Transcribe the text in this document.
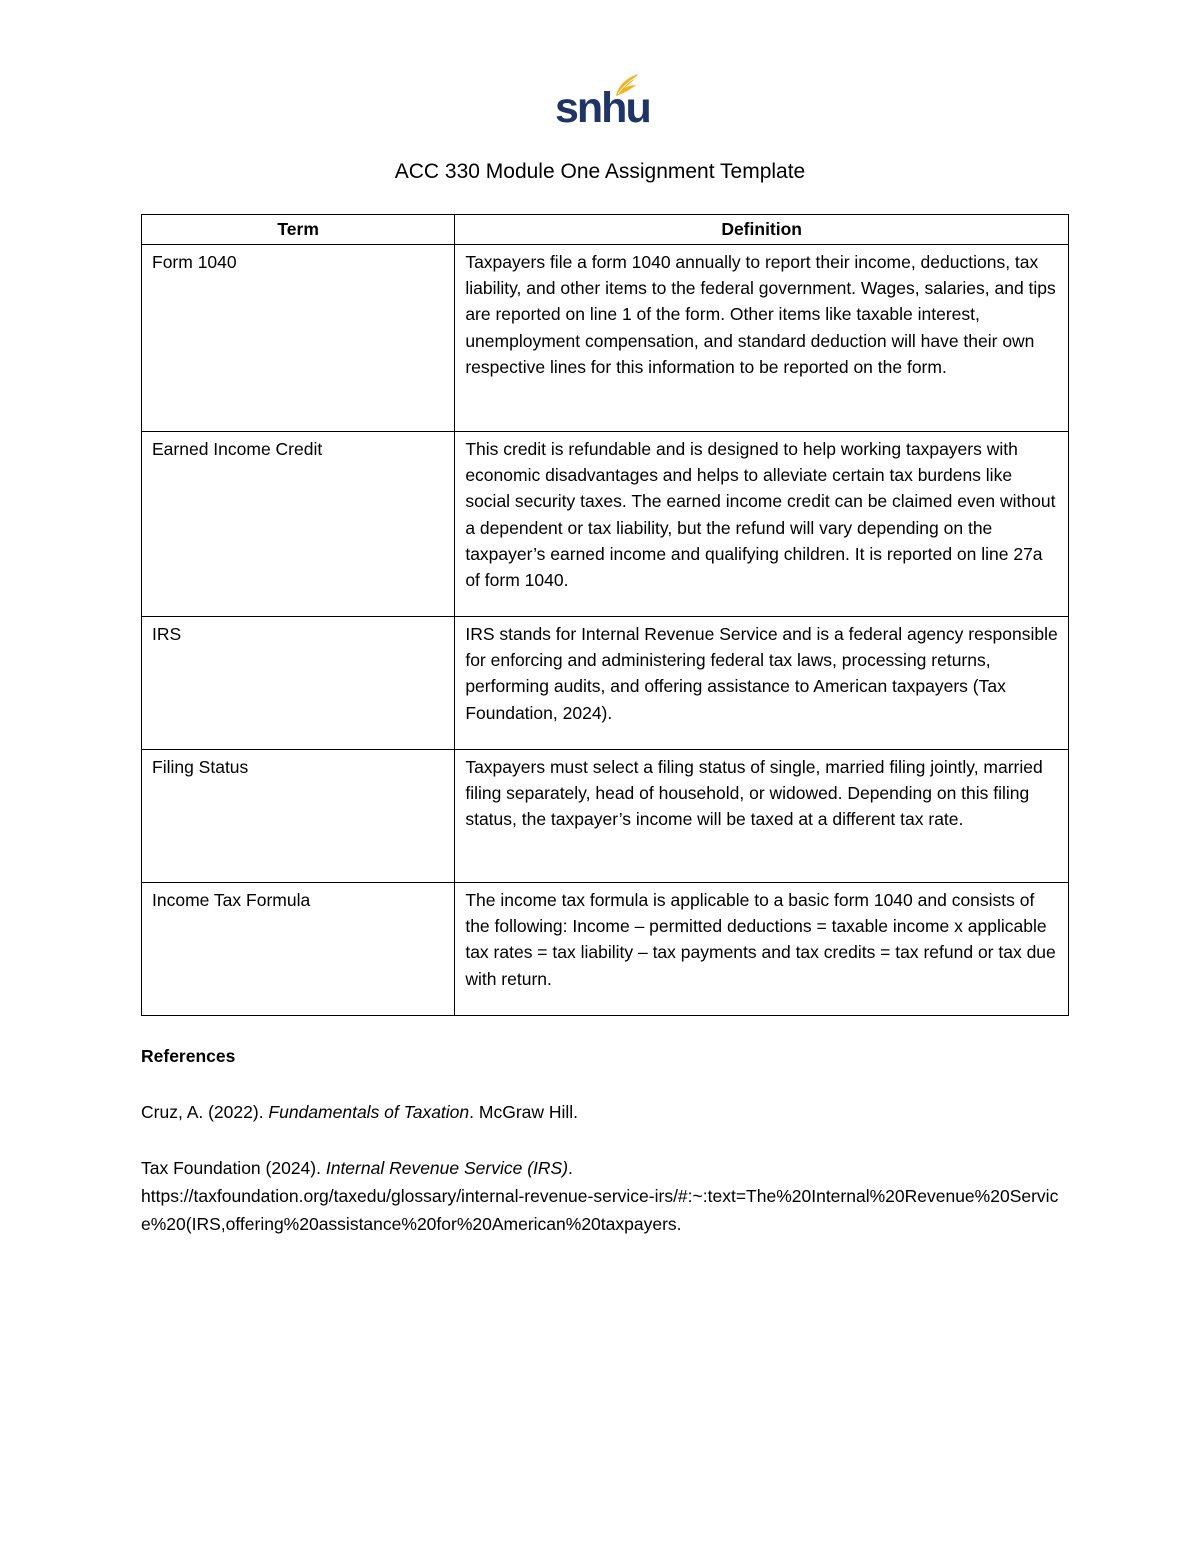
snhu
ACC 330 Module One Assignment Template
Term	Definition
Form 1040	Taxpayers file a form 1040 annually to report their income, deductions, tax liability, and other items to the federal government. Wages, salaries, and tips are reported on line 1 of the form. Other items like taxable interest, unemployment compensation, and standard deduction will have their own respective lines for this information to be reported on the form.
Earned Income Credit	This credit is refundable and is designed to help working taxpayers with economic disadvantages and helps to alleviate certain tax burdens like social security taxes. The earned income credit can be claimed even without a dependent or tax liability, but the refund will vary depending on the taxpayer’s earned income and qualifying children. It is reported on line 27a of form 1040.
IRS	IRS stands for Internal Revenue Service and is a federal agency responsible for enforcing and administering federal tax laws, processing returns, performing audits, and offering assistance to American taxpayers (Tax Foundation, 2024).
Filing Status	Taxpayers must select a filing status of single, married filing jointly, married filing separately, head of household, or widowed. Depending on this filing status, the taxpayer’s income will be taxed at a different tax rate.
Income Tax Formula	The income tax formula is applicable to a basic form 1040 and consists of the following: Income – permitted deductions = taxable income x applicable tax rates = tax liability – tax payments and tax credits = tax refund or tax due with return.
References
Cruz, A. (2022). Fundamentals of Taxation. McGraw Hill.
Tax Foundation (2024). Internal Revenue Service (IRS).
https://taxfoundation.org/taxedu/glossary/internal-revenue-service-irs/#:~:text=The%20Internal%20Revenue%20Service%20(IRS,offering%20assistance%20for%20American%20taxpayers.
